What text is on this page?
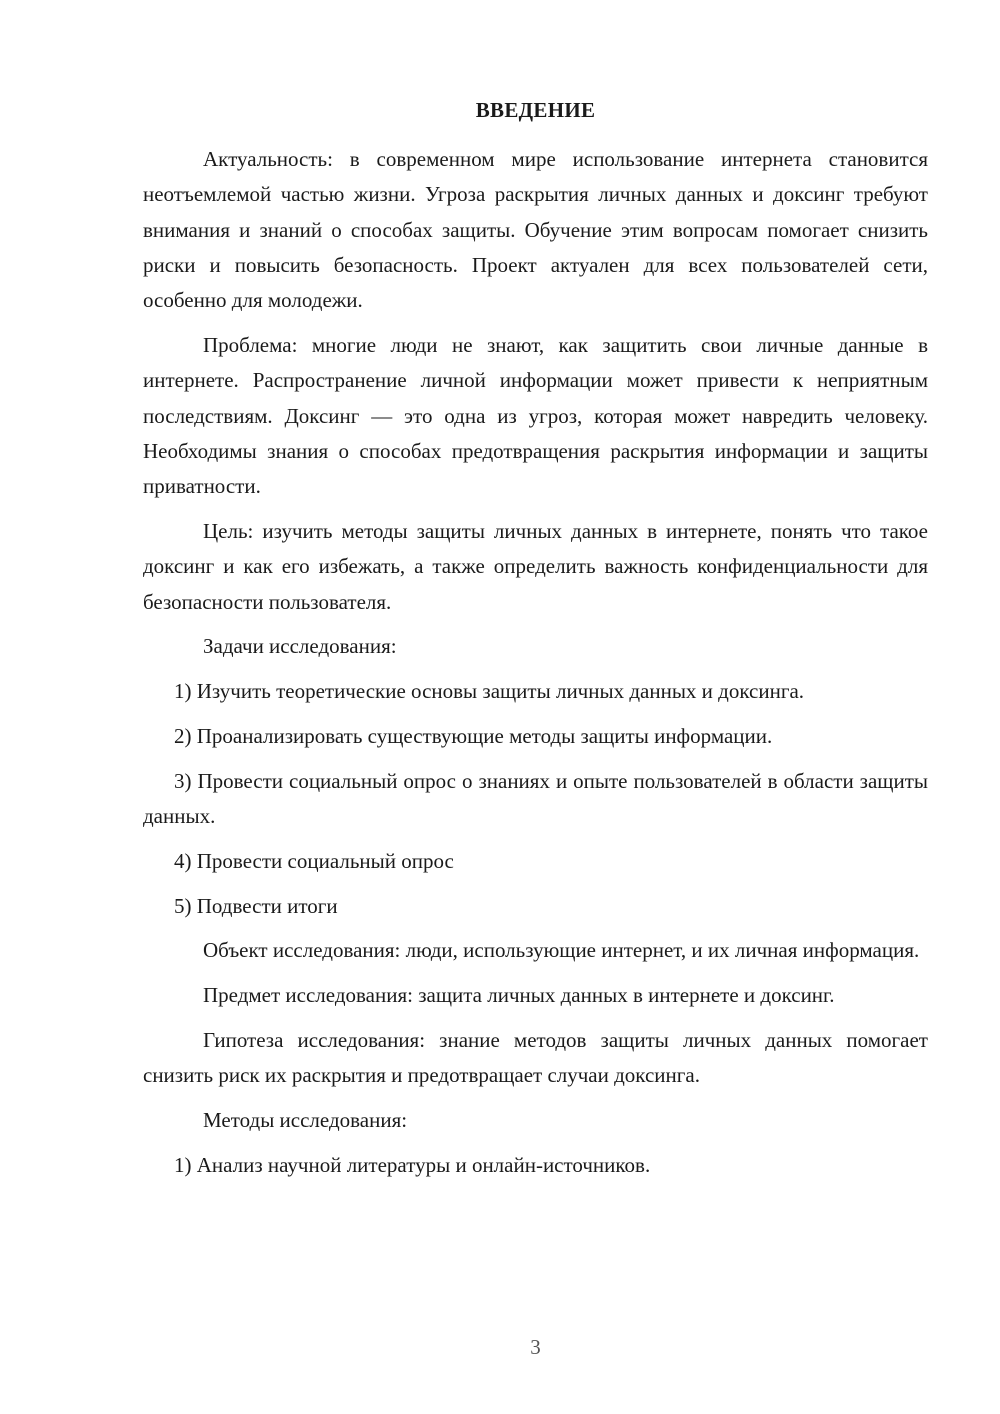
ВВЕДЕНИЕ

Актуальность: в современном мире использование интернета становится неотъемлемой частью жизни. Угроза раскрытия личных данных и доксинг требуют внимания и знаний о способах защиты. Обучение этим вопросам помогает снизить риски и повысить безопасность. Проект актуален для всех пользователей сети, особенно для молодежи.

Проблема: многие люди не знают, как защитить свои личные данные в интернете. Распространение личной информации может привести к неприятным последствиям. Доксинг — это одна из угроз, которая может навредить человеку. Необходимы знания о способах предотвращения раскрытия информации и защиты приватности.

Цель: изучить методы защиты личных данных в интернете, понять что такое доксинг и как его избежать, а также определить важность конфиденциальности для безопасности пользователя.

Задачи исследования:

1) Изучить теоретические основы защиты личных данных и доксинга.

2) Проанализировать существующие методы защиты информации.

3) Провести социальный опрос о знаниях и опыте пользователей в области защиты данных.

4) Провести социальный опрос

5) Подвести итоги

Объект исследования: люди, использующие интернет, и их личная информация.

Предмет исследования: защита личных данных в интернете и доксинг.

Гипотеза исследования: знание методов защиты личных данных помогает снизить риск их раскрытия и предотвращает случаи доксинга.

Методы исследования:

1) Анализ научной литературы и онлайн-источников.

3
